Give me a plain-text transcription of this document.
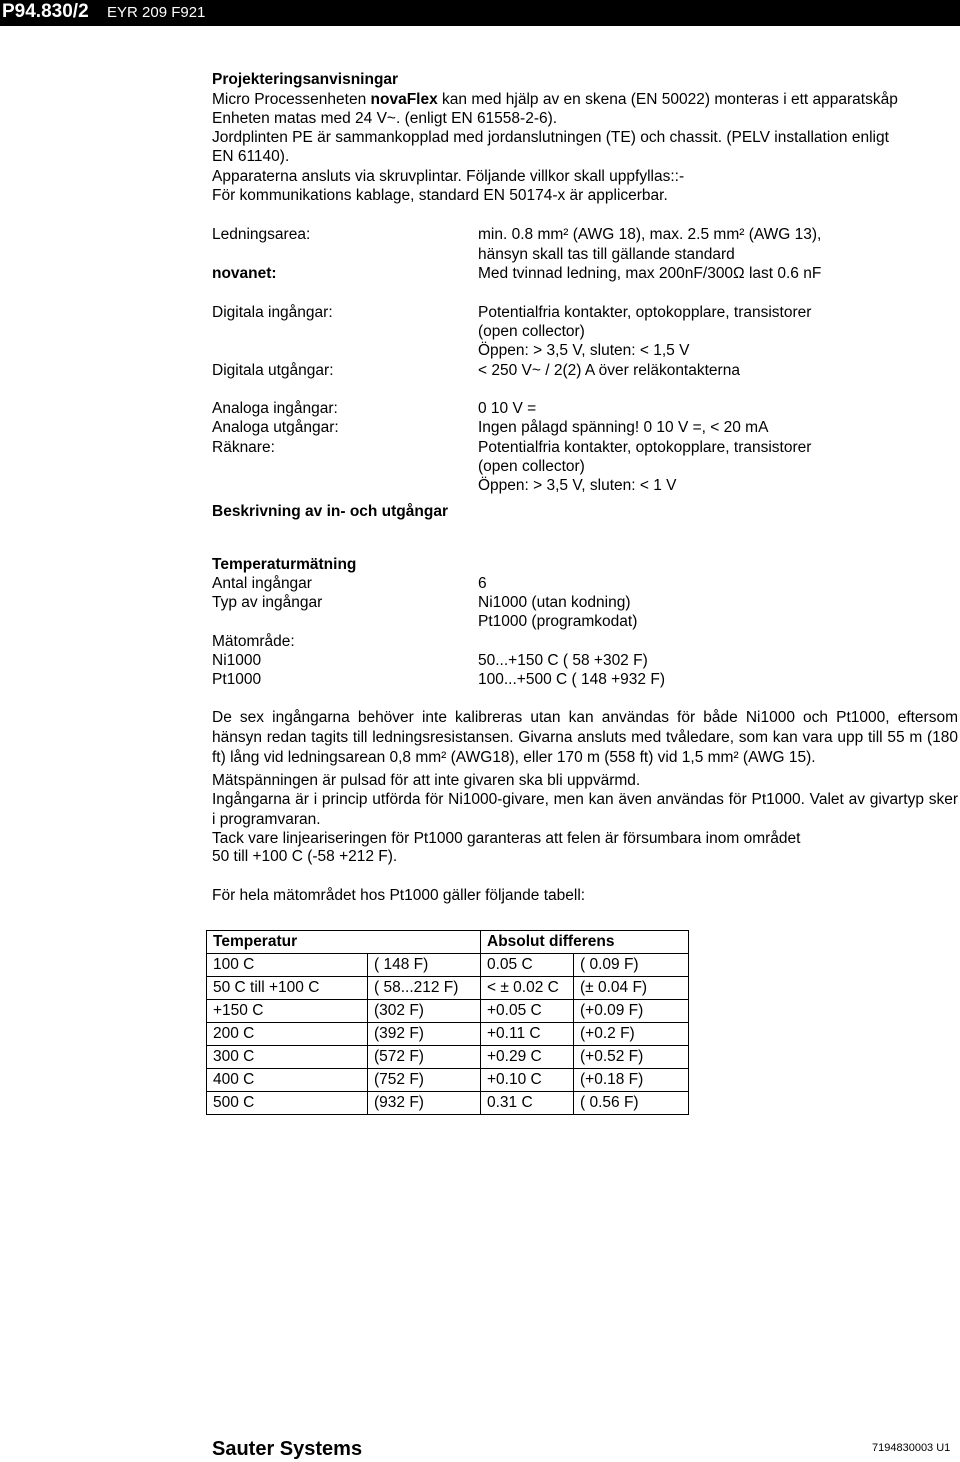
P94.830/2 EYR 209 F921
Projekteringsanvisningar
Micro Processenheten novaFlex kan med hjälp av en skena (EN 50022) monteras i ett apparatskåp
Enheten matas med 24 V~. (enligt EN 61558-2-6).
Jordplinten PE är sammankopplad med jordanslutningen (TE) och chassit. (PELV installation enligt
EN 61140).
Apparaterna ansluts via skruvplintar. Följande villkor skall uppfyllas::-
För kommunikations kablage, standard EN 50174-x är applicerbar.
Ledningsarea:	min. 0.8 mm² (AWG 18), max. 2.5 mm² (AWG 13),
hänsyn skall tas till gällande standard
novanet:	Med tvinnad ledning, max 200nF/300Ω last 0.6 nF
Digitala ingångar:	Potentialfria kontakter, optokopplare, transistorer
(open collector)
Öppen: > 3,5 V, sluten: < 1,5 V
Digitala utgångar:	< 250 V~ / 2(2) A över reläkontakterna
Analoga ingångar:	0 10 V =
Analoga utgångar:	Ingen pålagd spänning! 0 10 V =, < 20 mA
Räknare:	Potentialfria kontakter, optokopplare, transistorer
(open collector)
Öppen: > 3,5 V, sluten: < 1 V
Beskrivning av in- och utgångar
Temperaturmätning
Antal ingångar	6
Typ av ingångar	Ni1000 (utan kodning)
Pt1000 (programkodat)
Mätområde:
Ni1000	50...+150 C ( 58 +302 F)
Pt1000	100...+500 C ( 148 +932 F)
De sex ingångarna behöver inte kalibreras utan kan användas för både Ni1000 och Pt1000, eftersom hänsyn redan tagits till ledningsresistansen. Givarna ansluts med tvåledare, som kan vara upp till 55 m (180 ft) lång vid ledningsarean 0,8 mm² (AWG18), eller 170 m (558 ft) vid 1,5 mm² (AWG 15).
Mätspänningen är pulsad för att inte givaren ska bli uppvärmd.
Ingångarna är i princip utförda för Ni1000-givare, men kan även användas för Pt1000. Valet av givartyp sker i programvaran.
Tack vare linjeariseringen för Pt1000 garanteras att felen är försumbara inom området
50 till +100 C (-58 +212 F).
För hela mätområdet hos Pt1000 gäller följande tabell:
Temperatur		Absolut differens	
100 C	( 148 F)	0.05 C	( 0.09 F)
50 C till +100 C	( 58...212 F)	< ± 0.02 C	(± 0.04 F)
+150 C	(302 F)	+0.05 C	(+0.09 F)
200 C	(392 F)	+0.11 C	(+0.2 F)
300 C	(572 F)	+0.29 C	(+0.52 F)
400 C	(752 F)	+0.10 C	(+0.18 F)
500 C	(932 F)	0.31 C	( 0.56 F)
Sauter Systems	7194830003 U1
